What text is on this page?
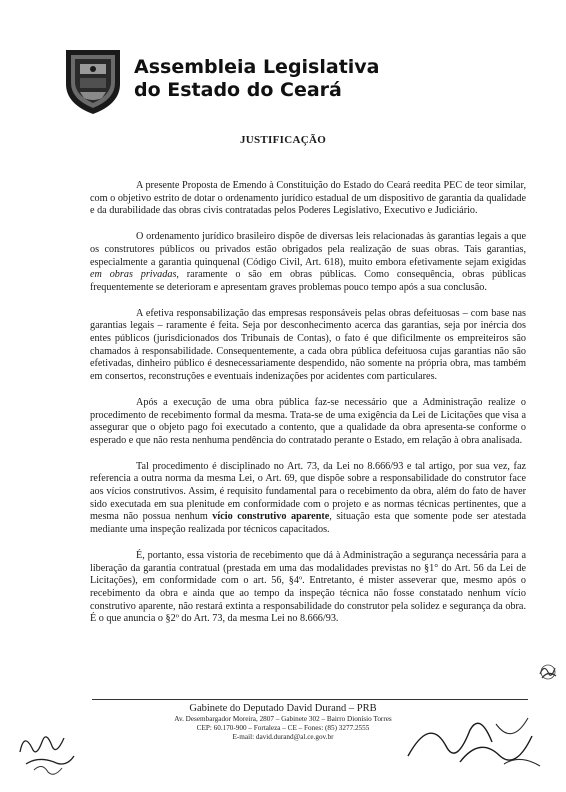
Assembleia Legislativa
do Estado do Ceará
JUSTIFICAÇÃO

A presente Proposta de Emendo à Constituição do Estado do Ceará reedita PEC de teor similar, com o objetivo estrito de dotar o ordenamento jurídico estadual de um dispositivo de garantia da qualidade e da durabilidade das obras civis contratadas pelos Poderes Legislativo, Executivo e Judiciário.

O ordenamento jurídico brasileiro dispõe de diversas leis relacionadas às garantias legais a que os construtores públicos ou privados estão obrigados pela realização de suas obras. Tais garantias, especialmente a garantia quinquenal (Código Civil, Art. 618), muito embora efetivamente sejam exigidas em obras privadas, raramente o são em obras públicas. Como consequência, obras públicas frequentemente se deterioram e apresentam graves problemas pouco tempo após a sua conclusão.

A efetiva responsabilização das empresas responsáveis pelas obras defeituosas – com base nas garantias legais – raramente é feita. Seja por desconhecimento acerca das garantias, seja por inércia dos entes públicos (jurisdicionados dos Tribunais de Contas), o fato é que dificilmente os empreiteiros são chamados à responsabilidade. Consequentemente, a cada obra pública defeituosa cujas garantias não são efetivadas, dinheiro público é desnecessariamente despendido, não somente na própria obra, mas também em consertos, reconstruções e eventuais indenizações por acidentes com particulares.

Após a execução de uma obra pública faz-se necessário que a Administração realize o procedimento de recebimento formal da mesma. Trata-se de uma exigência da Lei de Licitações que visa a assegurar que o objeto pago foi executado a contento, que a qualidade da obra apresenta-se conforme o esperado e que não resta nenhuma pendência do contratado perante o Estado, em relação à obra analisada.

Tal procedimento é disciplinado no Art. 73, da Lei no 8.666/93 e tal artigo, por sua vez, faz referencia a outra norma da mesma Lei, o Art. 69, que dispõe sobre a responsabilidade do construtor face aos vícios construtivos. Assim, é requisito fundamental para o recebimento da obra, além do fato de haver sido executada em sua plenitude em conformidade com o projeto e as normas técnicas pertinentes, que a mesma não possua nenhum vício construtivo aparente, situação esta que somente pode ser atestada mediante uma inspeção realizada por técnicos capacitados.

É, portanto, essa vistoria de recebimento que dá à Administração a segurança necessária para a liberação da garantia contratual (prestada em uma das modalidades previstas no §1° do Art. 56 da Lei de Licitações), em conformidade com o art. 56, §4º. Entretanto, é mister asseverar que, mesmo após o recebimento da obra e ainda que ao tempo da inspeção técnica não fosse constatado nenhum vício construtivo aparente, não restará extinta a responsabilidade do construtor pela solidez e segurança da obra. É o que anuncia o §2º do Art. 73, da mesma Lei no 8.666/93.

Gabinete do Deputado David Durand – PRB
Av. Desembargador Moreira, 2807 – Gabinete 302 – Bairro Dionísio Torres
CEP: 60.170-900 – Fortaleza – CE – Fones: (85) 3277.2555
E-mail: david.durand@al.ce.gov.br
